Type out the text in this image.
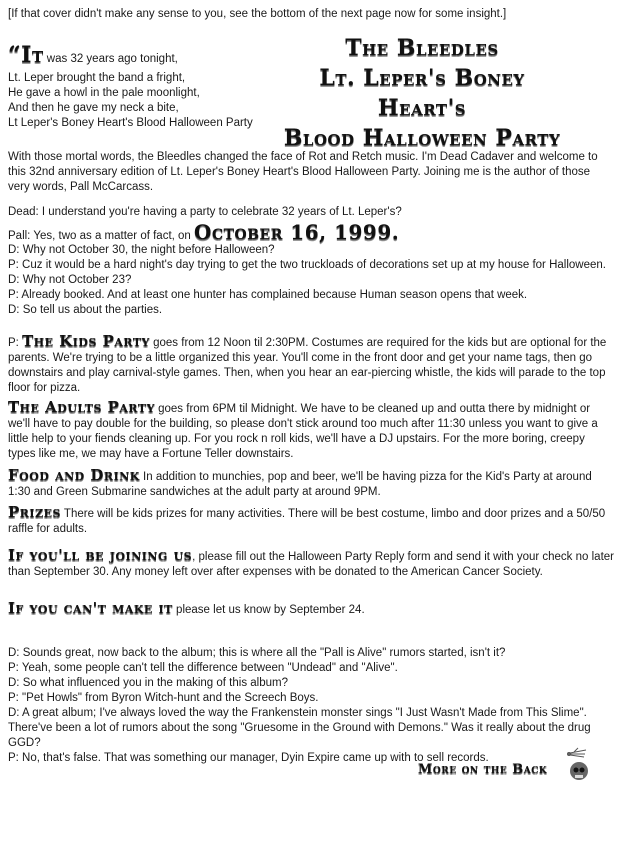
[If that cover didn't make any sense to you, see the bottom of the next page now for some insight.]
“It was 32 years ago tonight,
Lt. Leper brought the band a fright,
He gave a howl in the pale moonlight,
And then he gave my neck a bite,
Lt Leper's Boney Heart's Blood Halloween Party
The Bleedles
Lt. Leper's Boney Heart's
Blood Halloween Party
With those mortal words, the Bleedles changed the face of Rot and Retch music. I'm Dead Cadaver and welcome to this 32nd anniversary edition of Lt. Leper's Boney Heart's Blood Halloween Party. Joining me is the author of those very words, Pall McCarcass.
Dead: I understand you're having a party to celebrate 32 years of Lt. Leper's?
Pall: Yes, two as a matter of fact, on October 16, 1999.
D: Why not October 30, the night before Halloween?
P: Cuz it would be a hard night's day trying to get the two truckloads of decorations set up at my house for Halloween.
D: Why not October 23?
P: Already booked. And at least one hunter has complained because Human season opens that week.
D: So tell us about the parties.
P: The Kids Party goes from 12 Noon til 2:30PM. Costumes are required for the kids but are optional for the parents. We're trying to be a little organized this year. You'll come in the front door and get your name tags, then go downstairs and play carnival-style games. Then, when you hear an ear-piercing whistle, the kids will parade to the top floor for pizza.
The Adults Party goes from 6PM til Midnight. We have to be cleaned up and outta there by midnight or we'll have to pay double for the building, so please don't stick around too much after 11:30 unless you want to give a little help to your fiends cleaning up. For you rock n roll kids, we'll have a DJ upstairs. For the more boring, creepy types like me, we may have a Fortune Teller downstairs.
Food and Drink In addition to munchies, pop and beer, we'll be having pizza for the Kid's Party at around 1:30 and Green Submarine sandwiches at the adult party at around 9PM.
Prizes There will be kids prizes for many activities. There will be best costume, limbo and door prizes and a 50/50 raffle for adults.
If you'll be joining us, please fill out the Halloween Party Reply form and send it with your check no later than September 30. Any money left over after expenses with be donated to the American Cancer Society.
If you can't make it please let us know by September 24.
D: Sounds great, now back to the album; this is where all the "Pall is Alive" rumors started, isn't it?
P: Yeah, some people can't tell the difference between "Undead" and "Alive".
D: So what influenced you in the making of this album?
P: "Pet Howls" from Byron Witch-hunt and the Screech Boys.
D: A great album; I've always loved the way the Frankenstein monster sings "I Just Wasn't Made from This Slime". There've been a lot of rumors about the song "Gruesome in the Ground with Demons." Was it really about the drug GGD?
P: No, that's false. That was something our manager, Dyin Expire came up with to sell records.
More on the Back
